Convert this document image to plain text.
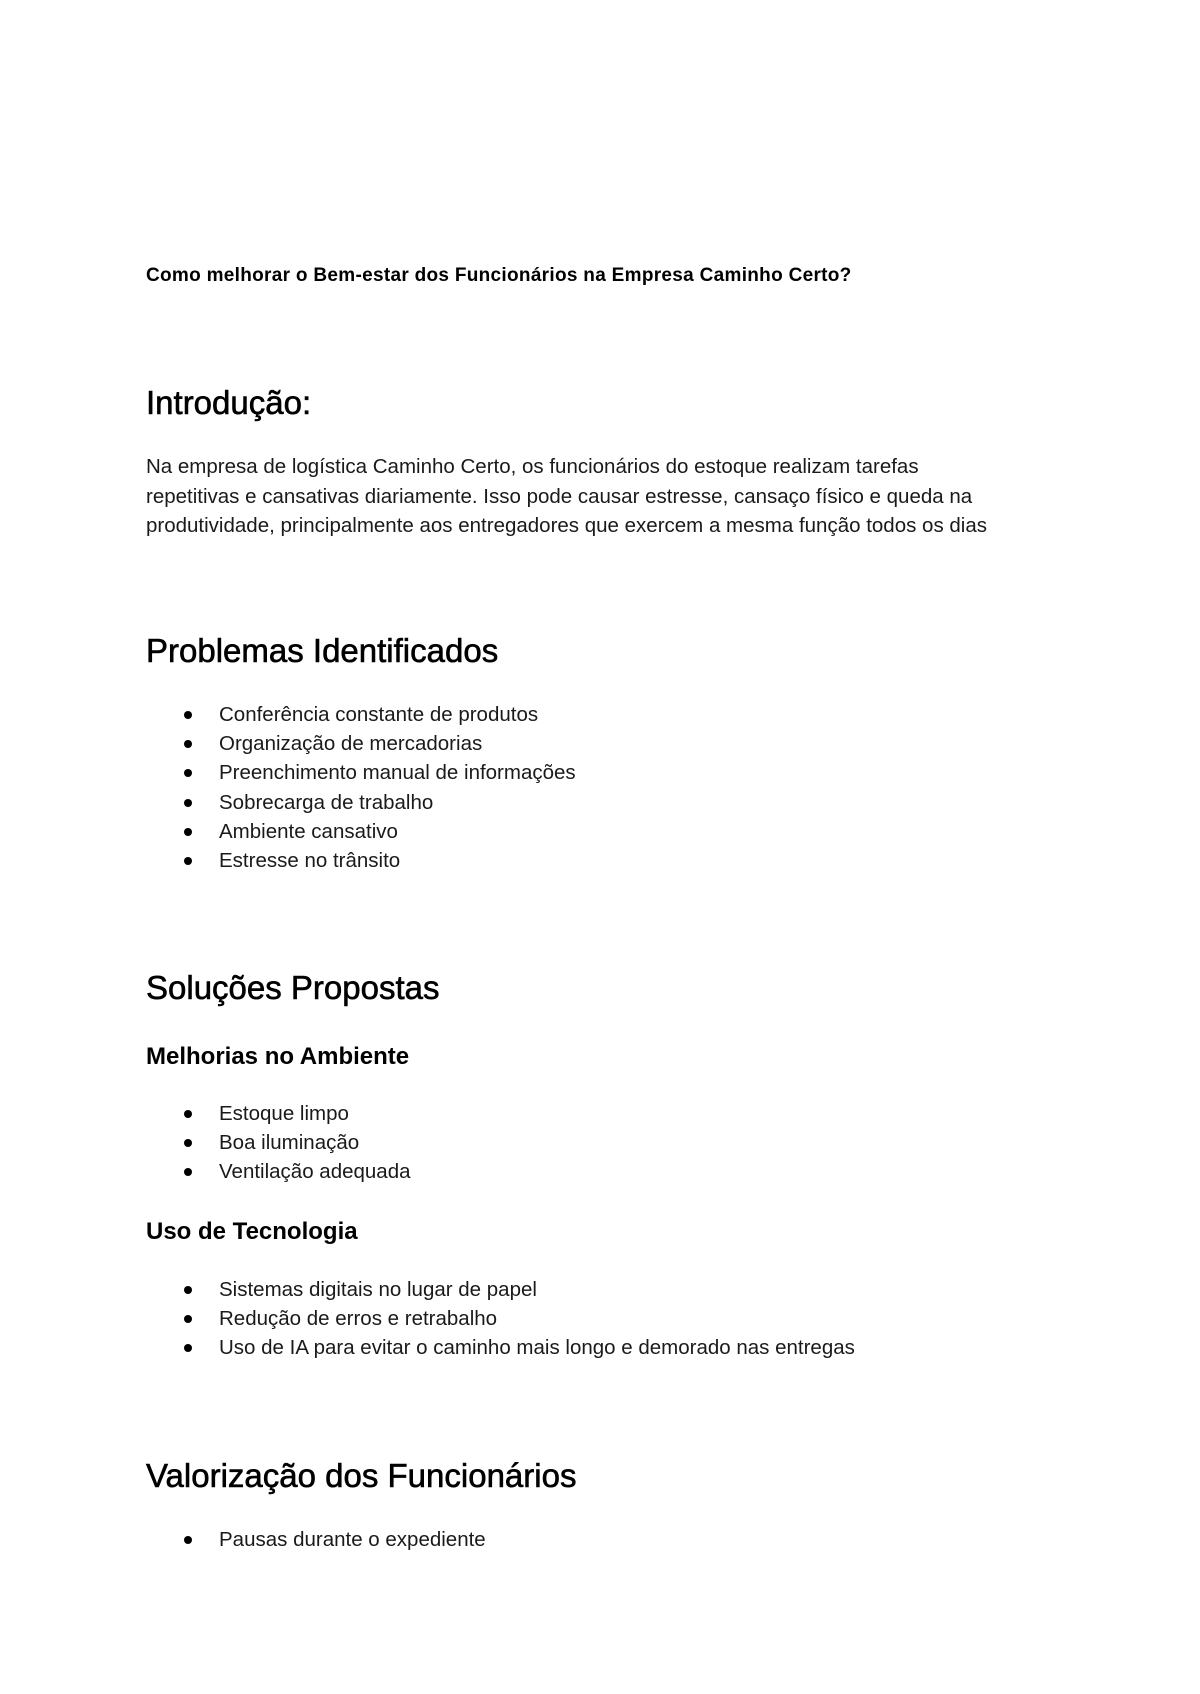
Como melhorar o Bem-estar dos Funcionários na Empresa Caminho Certo?
Introdução:
Na empresa de logística Caminho Certo, os funcionários do estoque realizam tarefas
repetitivas e cansativas diariamente. Isso pode causar estresse, cansaço físico e queda na
produtividade, principalmente aos entregadores que exercem a mesma função todos os dias
Problemas Identificados
Conferência constante de produtos
Organização de mercadorias
Preenchimento manual de informações
Sobrecarga de trabalho
Ambiente cansativo
Estresse no trânsito
Soluções Propostas
Melhorias no Ambiente
Estoque limpo
Boa iluminação
Ventilação adequada
Uso de Tecnologia
Sistemas digitais no lugar de papel
Redução de erros e retrabalho
Uso de IA para evitar o caminho mais longo e demorado nas entregas
Valorização dos Funcionários
Pausas durante o expediente
